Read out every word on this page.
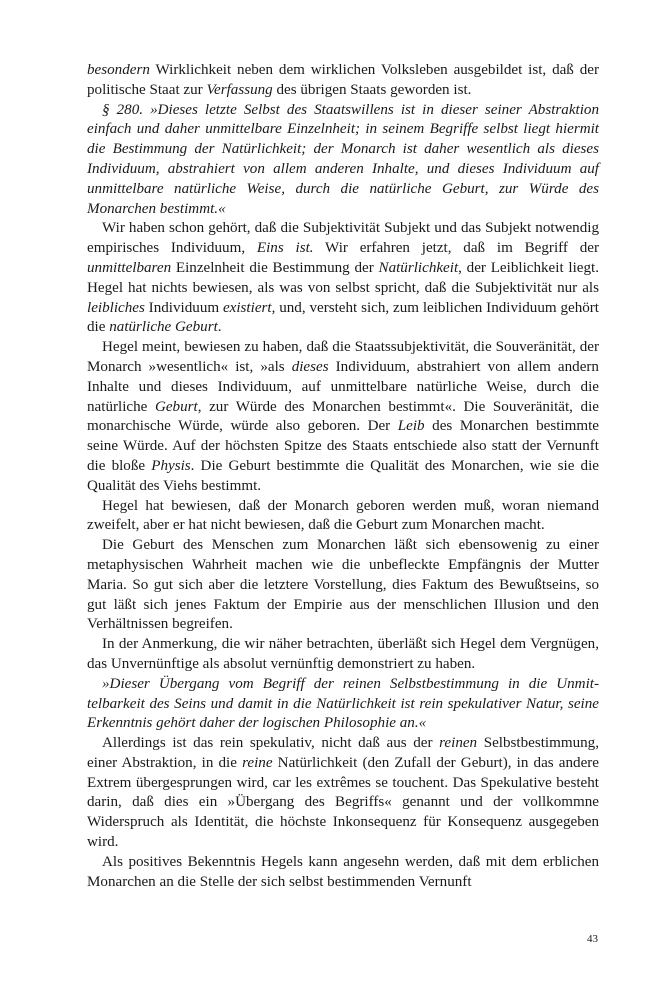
besondern Wirklichkeit neben dem wirklichen Volksleben ausgebildet ist, daß der politische Staat zur Verfassung des übrigen Staats geworden ist.

§ 280. »Dieses letzte Selbst des Staatswillens ist in dieser seiner Abstraktion einfach und daher unmittelbare Einzelnheit; in seinem Begriffe selbst liegt hiermit die Bestimmung der Natürlichkeit; der Monarch ist daher wesentlich als dieses Individuum, abstrahiert von allem anderen Inhalte, und dieses Individuum auf unmittelbare natürliche Weise, durch die natürliche Geburt, zur Würde des Monarchen bestimmt.«

Wir haben schon gehört, daß die Subjektivität Subjekt und das Subjekt notwendig empirisches Individuum, Eins ist. Wir erfahren jetzt, daß im Begriff der unmittelbaren Einzelnheit die Bestimmung der Natürlichkeit, der Leiblichkeit liegt. Hegel hat nichts bewiesen, als was von selbst spricht, daß die Subjektivität nur als leibliches Individuum existiert, und, versteht sich, zum leiblichen Individuum gehört die natürliche Geburt.

Hegel meint, bewiesen zu haben, daß die Staatssubjektivität, die Souveränität, der Monarch »wesentlich« ist, »als dieses Individuum, abstrahiert von allem andern Inhalte und dieses Individuum, auf unmittelbare natürliche Weise, durch die natürliche Geburt, zur Würde des Monarchen bestimmt«. Die Souveränität, die monarchische Würde, würde also geboren. Der Leib des Monarchen bestimmte seine Würde. Auf der höchsten Spitze des Staats entschiede also statt der Vernunft die bloße Physis. Die Geburt bestimmte die Qualität des Monarchen, wie sie die Qualität des Viehs bestimmt.

Hegel hat bewiesen, daß der Monarch geboren werden muß, woran niemand zweifelt, aber er hat nicht bewiesen, daß die Geburt zum Monarchen macht.

Die Geburt des Menschen zum Monarchen läßt sich ebensowenig zu einer metaphysischen Wahrheit machen wie die unbefleckte Empfängnis der Mutter Maria. So gut sich aber die letztere Vorstellung, dies Faktum des Bewußtseins, so gut läßt sich jenes Faktum der Empirie aus der menschlichen Illusion und den Verhältnissen begreifen.

In der Anmerkung, die wir näher betrachten, überläßt sich Hegel dem Vergnügen, das Unvernünftige als absolut vernünftig demonstriert zu haben.

»Dieser Übergang vom Begriff der reinen Selbstbestimmung in die Unmittelbarkeit des Seins und damit in die Natürlichkeit ist rein spekulativer Natur, seine Erkenntnis gehört daher der logischen Philosophie an.«

Allerdings ist das rein spekulativ, nicht daß aus der reinen Selbstbestimmung, einer Abstraktion, in die reine Natürlichkeit (den Zufall der Geburt), in das andere Extrem übergesprungen wird, car les extrêmes se touchent. Das Spekulative besteht darin, daß dies ein »Übergang des Begriffs« genannt und der vollkommne Widerspruch als Identität, die höchste Inkonsequenz für Konsequenz ausgegeben wird.

Als positives Bekenntnis Hegels kann angesehn werden, daß mit dem erblichen Monarchen an die Stelle der sich selbst bestimmenden Vernunft

43
